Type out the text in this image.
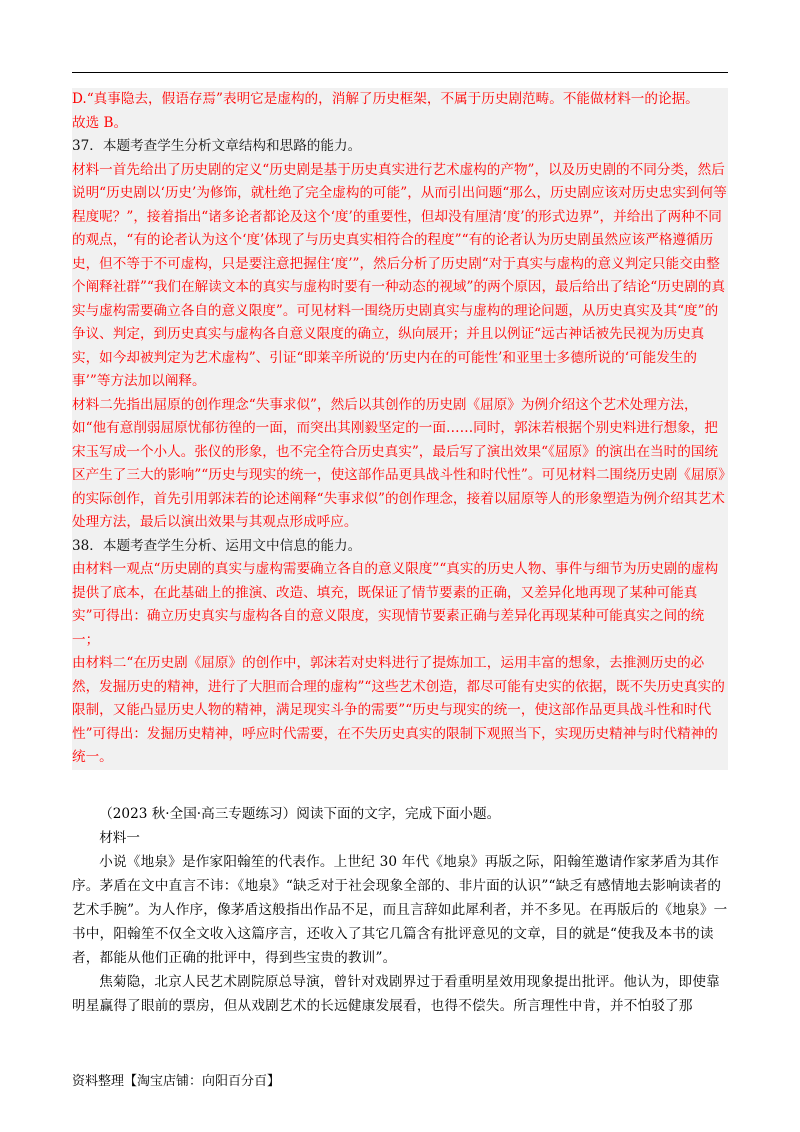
D.“真事隐去，假语存焉”表明它是虚构的，消解了历史框架，不属于历史剧范畴。不能做材料一的论据。

故选 B。

37．本题考查学生分析文章结构和思路的能力。

材料一首先给出了历史剧的定义“历史剧是基于历史真实进行艺术虚构的产物”，以及历史剧的不同分类，然后说明“历史剧以‘历史’为修饰，就杜绝了完全虚构的可能”，从而引出问题“那么，历史剧应该对历史忠实到何等程度呢？”，接着指出“诸多论者都论及这个‘度’的重要性，但却没有厘清‘度’的形式边界”，并给出了两种不同的观点，“有的论者认为这个‘度’体现了与历史真实相符合的程度”“有的论者认为历史剧虽然应该严格遵循历史，但不等于不可虚构，只是要注意把握住‘度’”，然后分析了历史剧“对于真实与虚构的意义判定只能交由整个阐释社群”“我们在解读文本的真实与虚构时要有一种动态的视域”的两个原因，最后给出了结论“历史剧的真实与虚构需要确立各自的意义限度”。可见材料一围绕历史剧真实与虚构的理论问题，从历史真实及其“度”的争议、判定，到历史真实与虚构各自意义限度的确立，纵向展开；并且以例证“远古神话被先民视为历史真实，如今却被判定为艺术虚构”、引证“即莱辛所说的‘历史内在的可能性’和亚里士多德所说的‘可能发生的事’”等方法加以阐释。

材料二先指出屈原的创作理念“失事求似”，然后以其创作的历史剧《屈原》为例介绍这个艺术处理方法，如“他有意削弱屈原忧郁彷徨的一面，而突出其刚毅坚定的一面……同时，郭沫若根据个别史料进行想象，把宋玉写成一个小人。张仪的形象，也不完全符合历史真实”，最后写了演出效果“《屈原》的演出在当时的国统区产生了三大的影响”“历史与现实的统一，使这部作品更具战斗性和时代性”。可见材料二围绕历史剧《屈原》的实际创作，首先引用郭沫若的论述阐释“失事求似”的创作理念，接着以屈原等人的形象塑造为例介绍其艺术处理方法，最后以演出效果与其观点形成呼应。

38．本题考查学生分析、运用文中信息的能力。

由材料一观点“历史剧的真实与虚构需要确立各自的意义限度”“真实的历史人物、事件与细节为历史剧的虚构提供了底本，在此基础上的推演、改造、填充，既保证了情节要素的正确，又差异化地再现了某种可能真实”可得出：确立历史真实与虚构各自的意义限度，实现情节要素正确与差异化再现某种可能真实之间的统一；

由材料二“在历史剧《屈原》的创作中，郭沫若对史料进行了提炼加工，运用丰富的想象，去推测历史的必然，发掘历史的精神，进行了大胆而合理的虚构”“这些艺术创造，都尽可能有史实的依据，既不失历史真实的限制，又能凸显历史人物的精神，满足现实斗争的需要”“历史与现实的统一，使这部作品更具战斗性和时代性”可得出：发掘历史精神，呼应时代需要，在不失历史真实的限制下观照当下，实现历史精神与时代精神的统一。

（2023 秋·全国·高三专题练习）阅读下面的文字，完成下面小题。

材料一

小说《地泉》是作家阳翰笙的代表作。上世纪 30 年代《地泉》再版之际，阳翰笙邀请作家茅盾为其作序。茅盾在文中直言不讳：《地泉》“缺乏对于社会现象全部的、非片面的认识”“缺乏有感情地去影响读者的艺术手腕”。为人作序，像茅盾这般指出作品不足，而且言辞如此犀利者，并不多见。在再版后的《地泉》一书中，阳翰笙不仅全文收入这篇序言，还收入了其它几篇含有批评意见的文章，目的就是“使我及本书的读者，都能从他们正确的批评中，得到些宝贵的教训”。

焦菊隐，北京人民艺术剧院原总导演，曾针对戏剧界过于看重明星效用现象提出批评。他认为，即使靠明星赢得了眼前的票房，但从戏剧艺术的长远健康发展看，也得不偿失。所言理性中肯，并不怕驳了那

资料整理【淘宝店铺：向阳百分百】
